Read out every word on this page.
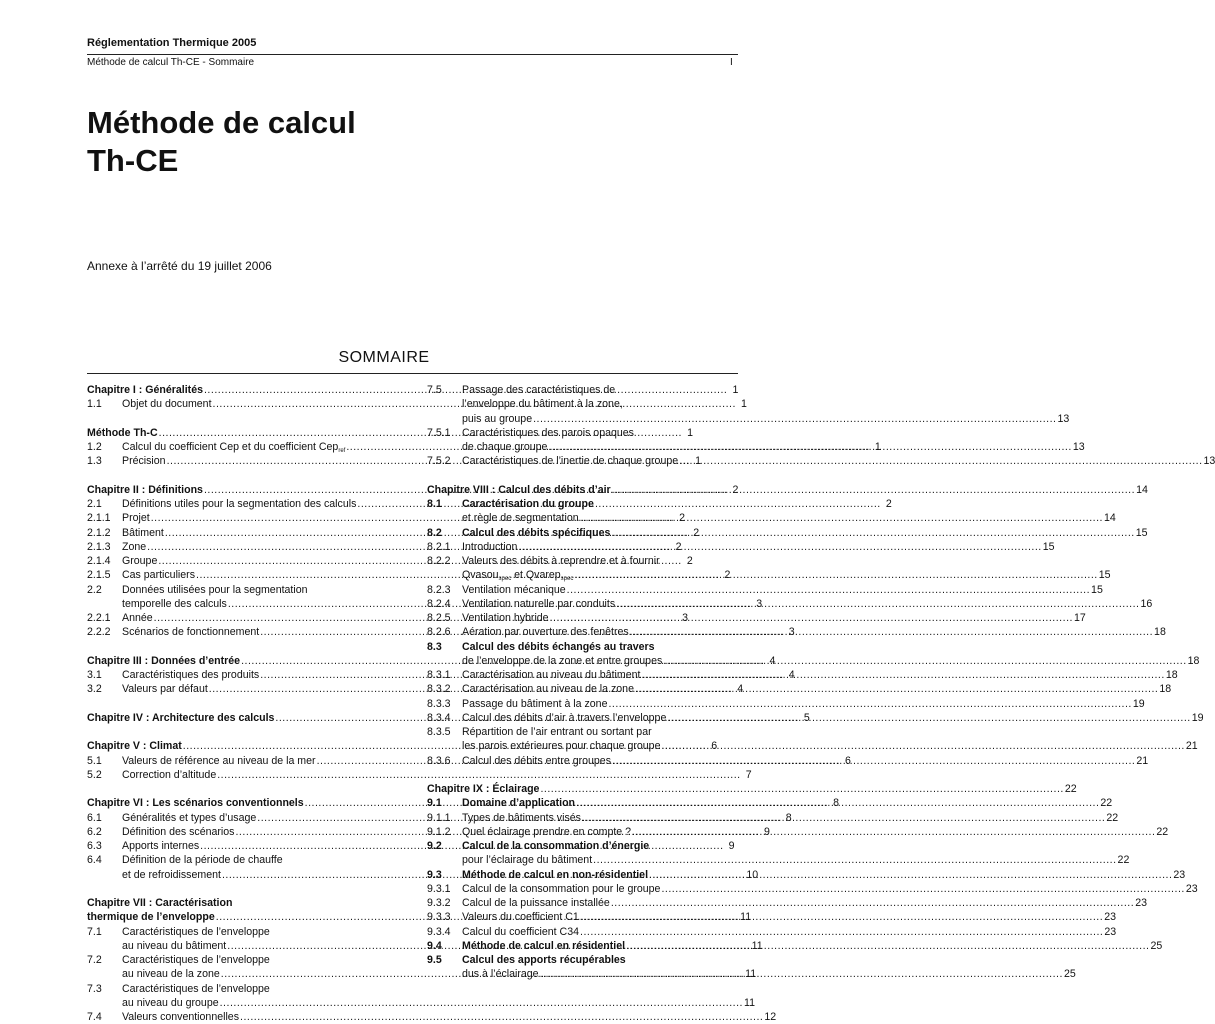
Réglementation Thermique 2005
Méthode de calcul Th-CE - Sommaire	I
Méthode de calcul
Th-CE
Annexe à l’arrêté du 19 juillet 2006
SOMMAIRE
Chapitre I : Généralités .....	1
1.1	Objet du document .....	1
Méthode Th-C .....	1
1.2	Calcul du coefficient Cep et du coefficient Cep$_{ref}$ .....	1
1.3	Précision .....	1
Chapitre II : Définitions .....	2
2.1	Définitions utiles pour la segmentation des calculs .....	2
2.1.1	Projet .....	2
2.1.2	Bâtiment .....	2
2.1.3	Zone .....	2
2.1.4	Groupe .....	2
2.1.5	Cas particuliers .....	2
2.2	Données utilisées pour la segmentation
temporelle des calculs .....	3
2.2.1	Année .....	3
2.2.2	Scénarios de fonctionnement .....	3
Chapitre III : Données d’entrée .....	4
3.1	Caractéristiques des produits .....	4
3.2	Valeurs par défaut .....	4
Chapitre IV : Architecture des calculs .....	5
Chapitre V : Climat .....	6
5.1	Valeurs de référence au niveau de la mer .....	6
5.2	Correction d’altitude .....	7
Chapitre VI : Les scénarios conventionnels .....	8
6.1	Généralités et types d’usage .....	8
6.2	Définition des scénarios .....	9
6.3	Apports internes .....	9
6.4	Définition de la période de chauffe
et de refroidissement .....	10
Chapitre VII : Caractérisation
thermique de l’enveloppe .....	11
7.1	Caractéristiques de l’enveloppe
au niveau du bâtiment .....	11
7.2	Caractéristiques de l’enveloppe
au niveau de la zone .....	11
7.3	Caractéristiques de l’enveloppe
au niveau du groupe .....	11
7.4	Valeurs conventionnelles .....	12
7.5	Passage des caractéristiques de
l’enveloppe du bâtiment à la zone,
puis au groupe .....	13
7.5.1	Caractéristiques des parois opaques
de chaque groupe .....	13
7.5.2	Caractéristiques de l’inertie de chaque groupe .....	13
Chapitre VIII : Calcul des débits d’air .....	14
8.1	Caractérisation du groupe
et règle de segmentation .....	14
8.2	Calcul des débits spécifiques .....	15
8.2.1	Introduction .....	15
8.2.2	Valeurs des débits à reprendre et à fournir
Qvasou$_{spec}$ et Qvarep$_{spec}$ .....	15
8.2.3	Ventilation mécanique .....	15
8.2.4	Ventilation naturelle par conduits .....	16
8.2.5	Ventilation hybride .....	17
8.2.6	Aération par ouverture des fenêtres .....	18
8.3	Calcul des débits échangés au travers
de l’enveloppe de la zone et entre groupes .....	18
8.3.1	Caractérisation au niveau du bâtiment .....	18
8.3.2	Caractérisation au niveau de la zone .....	18
8.3.3	Passage du bâtiment à la zone .....	19
8.3.4	Calcul des débits d’air à travers l’enveloppe .....	19
8.3.5	Répartition de l’air entrant ou sortant par
les parois extérieures pour chaque groupe .....	21
8.3.6	Calcul des débits entre groupes .....	21
Chapitre IX : Éclairage .....	22
9.1	Domaine d’application .....	22
9.1.1	Types de bâtiments visés .....	22
9.1.2	Quel éclairage prendre en compte ? .....	22
9.2	Calcul de la consommation d’énergie
pour l’éclairage du bâtiment .....	22
9.3	Méthode de calcul en non-résidentiel .....	23
9.3.1	Calcul de la consommation pour le groupe .....	23
9.3.2	Calcul de la puissance installée .....	23
9.3.3	Valeurs du coefficient C1 .....	23
9.3.4	Calcul du coefficient C34 .....	23
9.4	Méthode de calcul en résidentiel .....	25
9.5	Calcul des apports récupérables
dus à l’éclairage .....	25
